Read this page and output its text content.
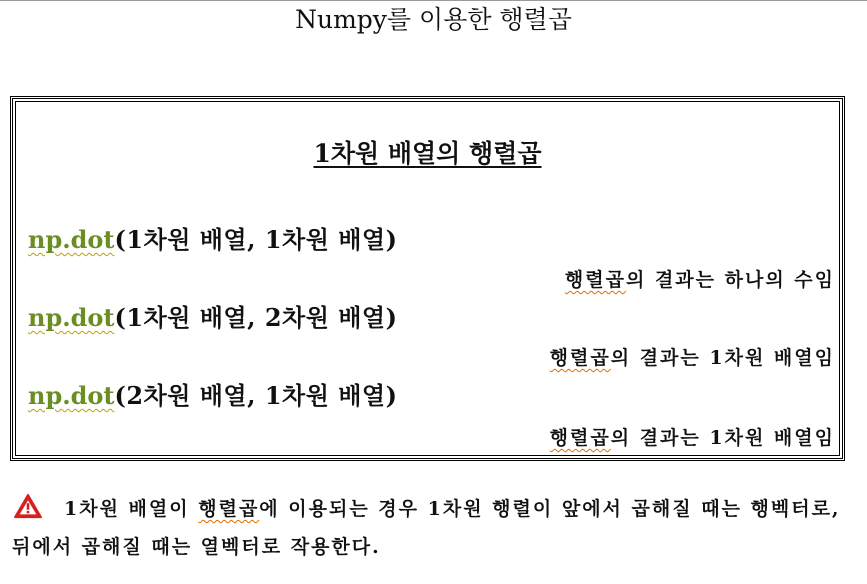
Numpy를 이용한 행렬곱
1차원 배열의 행렬곱
np.dot(1차원 배열, 1차원 배열)
행렬곱의 결과는 하나의 수임
np.dot(1차원 배열, 2차원 배열)
행렬곱의 결과는 1차원 배열임
np.dot(2차원 배열, 1차원 배열)
행렬곱의 결과는 1차원 배열임
1차원 배열이 행렬곱에 이용되는 경우 1차원 행렬이 앞에서 곱해질 때는 행벡터로, 뒤에서 곱해질 때는 열벡터로 작용한다.
